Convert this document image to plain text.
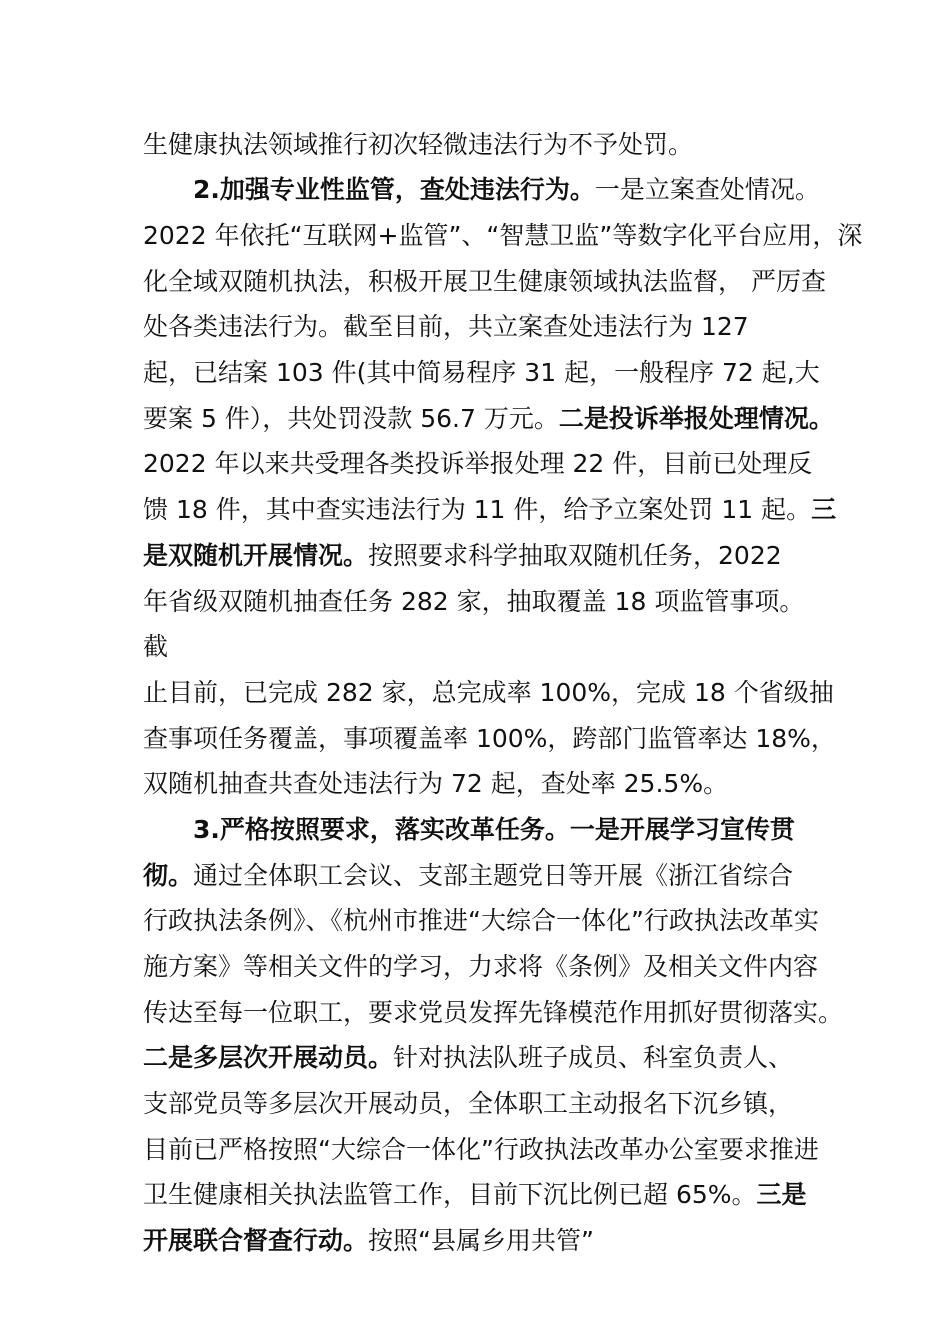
生健康执法领域推行初次轻微违法行为不予处罚。
2.加强专业性监管，查处违法行为。一是立案查处情况。
2022 年依托“互联网+监管”、“智慧卫监”等数字化平台应用，深
化全域双随机执法，积极开展卫生健康领域执法监督， 严厉查
处各类违法行为。截至目前，共立案查处违法行为 127
起，已结案 103 件(其中简易程序 31 起，一般程序 72 起,大
要案 5 件），共处罚没款 56.7 万元。二是投诉举报处理情况。
2022 年以来共受理各类投诉举报处理 22 件，目前已处理反
馈 18 件，其中查实违法行为 11 件，给予立案处罚 11 起。三
是双随机开展情况。按照要求科学抽取双随机任务，2022
年省级双随机抽查任务 282 家，抽取覆盖 18 项监管事项。
截
止目前，已完成 282 家，总完成率 100%，完成 18 个省级抽
查事项任务覆盖，事项覆盖率 100%，跨部门监管率达 18%，
双随机抽查共查处违法行为 72 起，查处率 25.5%。
3.严格按照要求，落实改革任务。一是开展学习宣传贯
彻。通过全体职工会议、支部主题党日等开展《浙江省综合
行政执法条例》、《杭州市推进“大综合一体化”行政执法改革实
施方案》等相关文件的学习，力求将《条例》及相关文件内容
传达至每一位职工，要求党员发挥先锋模范作用抓好贯彻落实。
二是多层次开展动员。针对执法队班子成员、科室负责人、
支部党员等多层次开展动员，全体职工主动报名下沉乡镇，
目前已严格按照“大综合一体化”行政执法改革办公室要求推进
卫生健康相关执法监管工作，目前下沉比例已超 65%。三是
开展联合督查行动。按照“县属乡用共管”
